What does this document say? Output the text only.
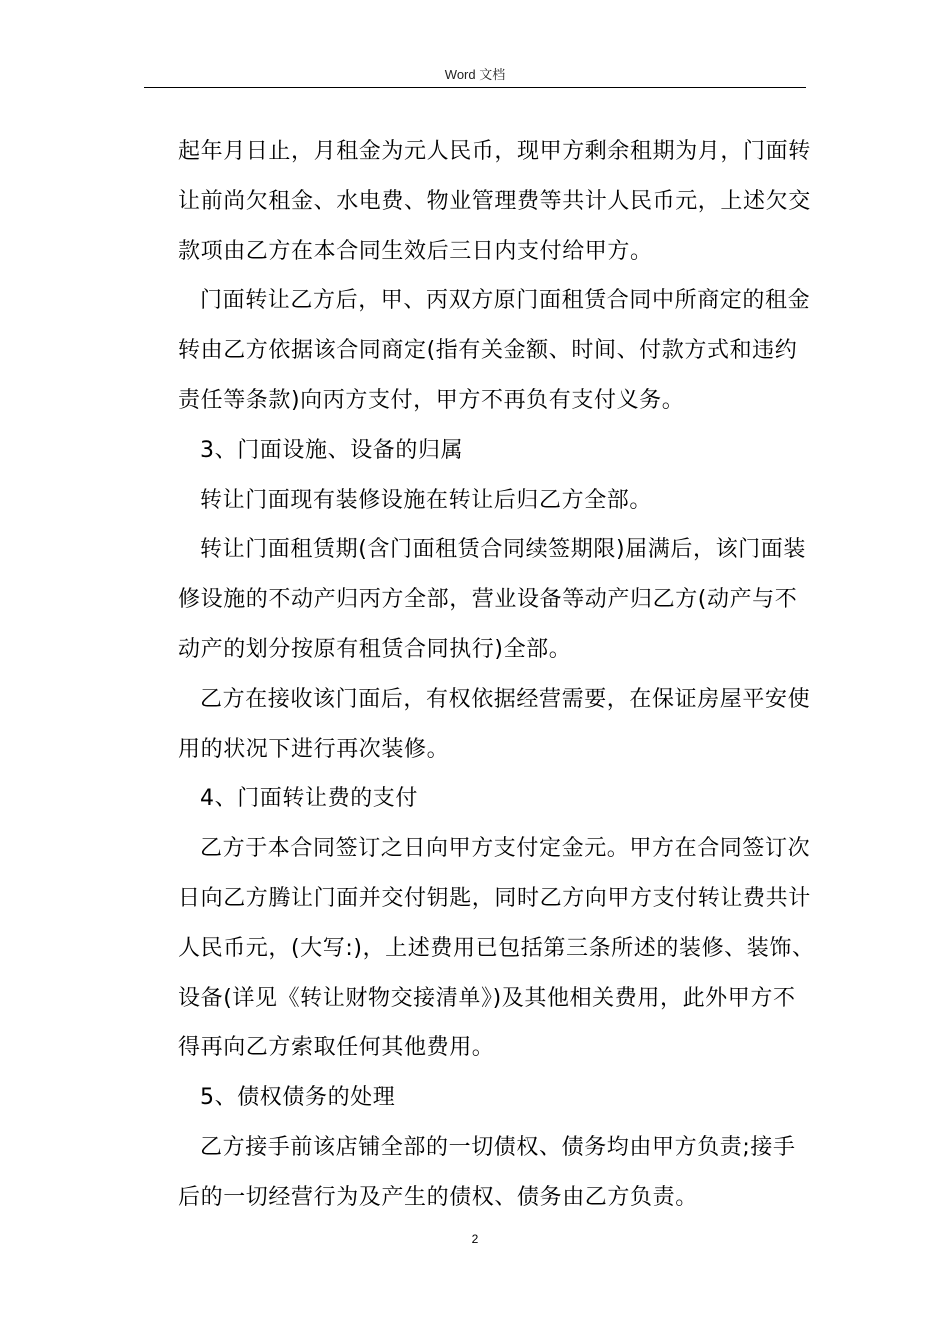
Word 文档

起年月日止，月租金为元人民币，现甲方剩余租期为月，门面转让前尚欠租金、水电费、物业管理费等共计人民币元，上述欠交款项由乙方在本合同生效后三日内支付给甲方。

门面转让乙方后，甲、丙双方原门面租赁合同中所商定的租金转由乙方依据该合同商定(指有关金额、时间、付款方式和违约责任等条款)向丙方支付，甲方不再负有支付义务。

3、门面设施、设备的归属

转让门面现有装修设施在转让后归乙方全部。

转让门面租赁期(含门面租赁合同续签期限)届满后，该门面装修设施的不动产归丙方全部，营业设备等动产归乙方(动产与不动产的划分按原有租赁合同执行)全部。

乙方在接收该门面后，有权依据经营需要，在保证房屋平安使用的状况下进行再次装修。

4、门面转让费的支付

乙方于本合同签订之日向甲方支付定金元。甲方在合同签订次日向乙方腾让门面并交付钥匙，同时乙方向甲方支付转让费共计人民币元，(大写:)，上述费用已包括第三条所述的装修、装饰、设备(详见《转让财物交接清单》)及其他相关费用，此外甲方不得再向乙方索取任何其他费用。

5、债权债务的处理

乙方接手前该店铺全部的一切债权、债务均由甲方负责;接手后的一切经营行为及产生的债权、债务由乙方负责。

2
